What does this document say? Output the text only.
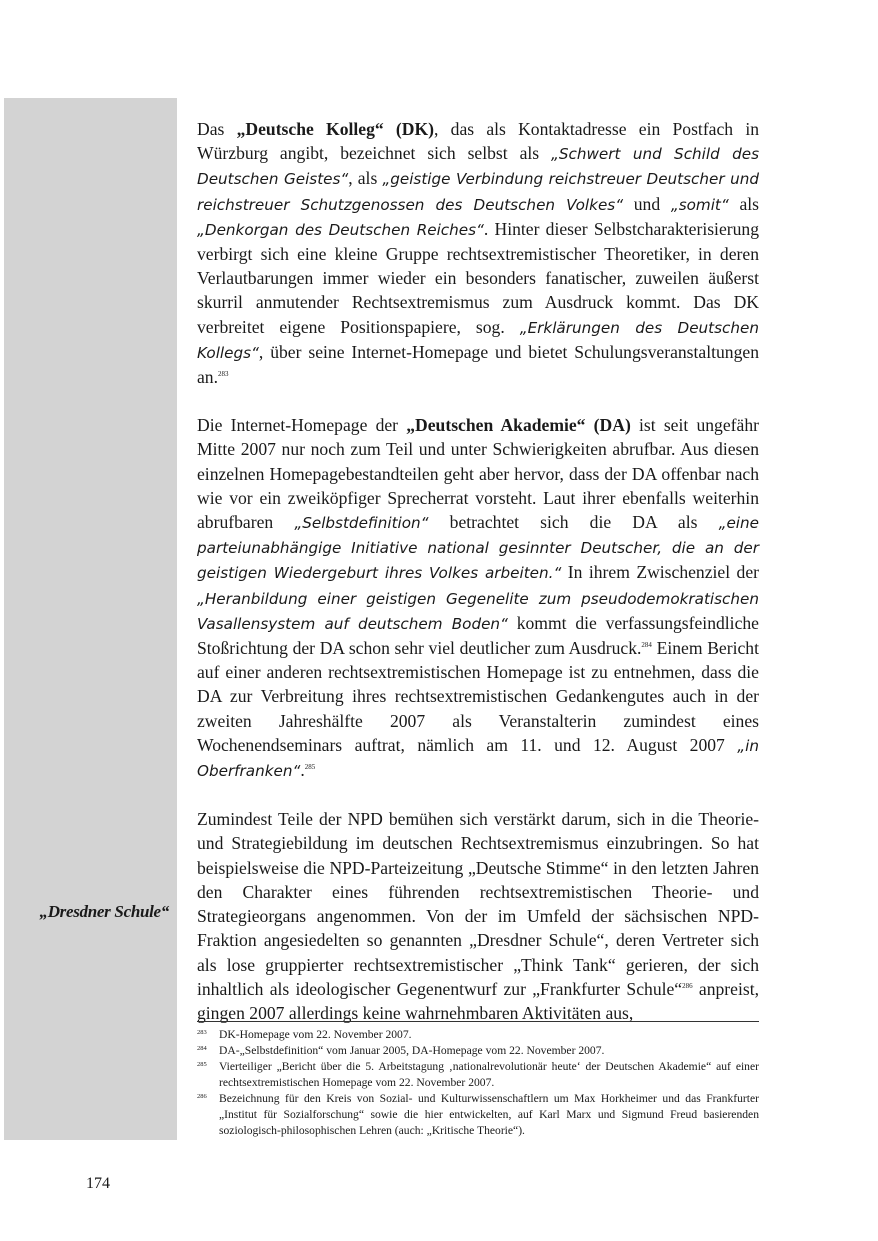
„Dresdner Schule“

Das „Deutsche Kolleg“ (DK), das als Kontaktadresse ein Postfach in Würzburg angibt, bezeichnet sich selbst als „Schwert und Schild des Deutschen Geistes“, als „geistige Verbindung reichstreuer Deutscher und reichstreuer Schutzgenossen des Deutschen Volkes“ und „somit“ als „Denkorgan des Deutschen Reiches“. Hinter dieser Selbstcharakterisierung verbirgt sich eine kleine Gruppe rechtsextremistischer Theoretiker, in deren Verlautbarungen immer wieder ein besonders fanatischer, zuweilen äußerst skurril anmutender Rechtsextremismus zum Ausdruck kommt. Das DK verbreitet eigene Positionspapiere, sog. „Erklärungen des Deutschen Kollegs“, über seine Internet-Homepage und bietet Schulungsveranstaltungen an.$^{283}$

Die Internet-Homepage der „Deutschen Akademie“ (DA) ist seit ungefähr Mitte 2007 nur noch zum Teil und unter Schwierigkeiten abrufbar. Aus diesen einzelnen Homepagebestandteilen geht aber hervor, dass der DA offenbar nach wie vor ein zweiköpfiger Sprecherrat vorsteht. Laut ihrer ebenfalls weiterhin abrufbaren „Selbstdefinition“ betrachtet sich die DA als „eine parteiunabhängige Initiative national gesinnter Deutscher, die an der geistigen Wiedergeburt ihres Volkes arbeiten.“ In ihrem Zwischenziel der „Heranbildung einer geistigen Gegenelite zum pseudodemokratischen Vasallensystem auf deutschem Boden“ kommt die verfassungsfeindliche Stoßrichtung der DA schon sehr viel deutlicher zum Ausdruck.$^{284}$ Einem Bericht auf einer anderen rechtsextremistischen Homepage ist zu entnehmen, dass die DA zur Verbreitung ihres rechtsextremistischen Gedankengutes auch in der zweiten Jahreshälfte 2007 als Veranstalterin zumindest eines Wochenendseminars auftrat, nämlich am 11. und 12. August 2007 „in Oberfranken“.$^{285}$

Zumindest Teile der NPD bemühen sich verstärkt darum, sich in die Theorie- und Strategiebildung im deutschen Rechtsextremismus einzubringen. So hat beispielsweise die NPD-Parteizeitung „Deutsche Stimme“ in den letzten Jahren den Charakter eines führenden rechtsextremistischen Theorie- und Strategieorgans angenommen. Von der im Umfeld der sächsischen NPD-Fraktion angesiedelten so genannten „Dresdner Schule“, deren Vertreter sich als lose gruppierter rechtsextremistischer „Think Tank“ gerieren, der sich inhaltlich als ideologischer Gegenentwurf zur „Frankfurter Schule“$^{286}$ anpreist, gingen 2007 allerdings keine wahrnehmbaren Aktivitäten aus,

283	DK-Homepage vom 22. November 2007.
284	DA-„Selbstdefinition“ vom Januar 2005, DA-Homepage vom 22. November 2007.
285	Vierteiliger „Bericht über die 5. Arbeitstagung ‚nationalrevolutionär heute‘ der Deutschen Akademie“ auf einer rechtsextremistischen Homepage vom 22. November 2007.
286	Bezeichnung für den Kreis von Sozial- und Kulturwissenschaftlern um Max Horkheimer und das Frankfurter „Institut für Sozialforschung“ sowie die hier entwickelten, auf Karl Marx und Sigmund Freud basierenden soziologisch-philosophischen Lehren (auch: „Kritische Theorie“).
174
